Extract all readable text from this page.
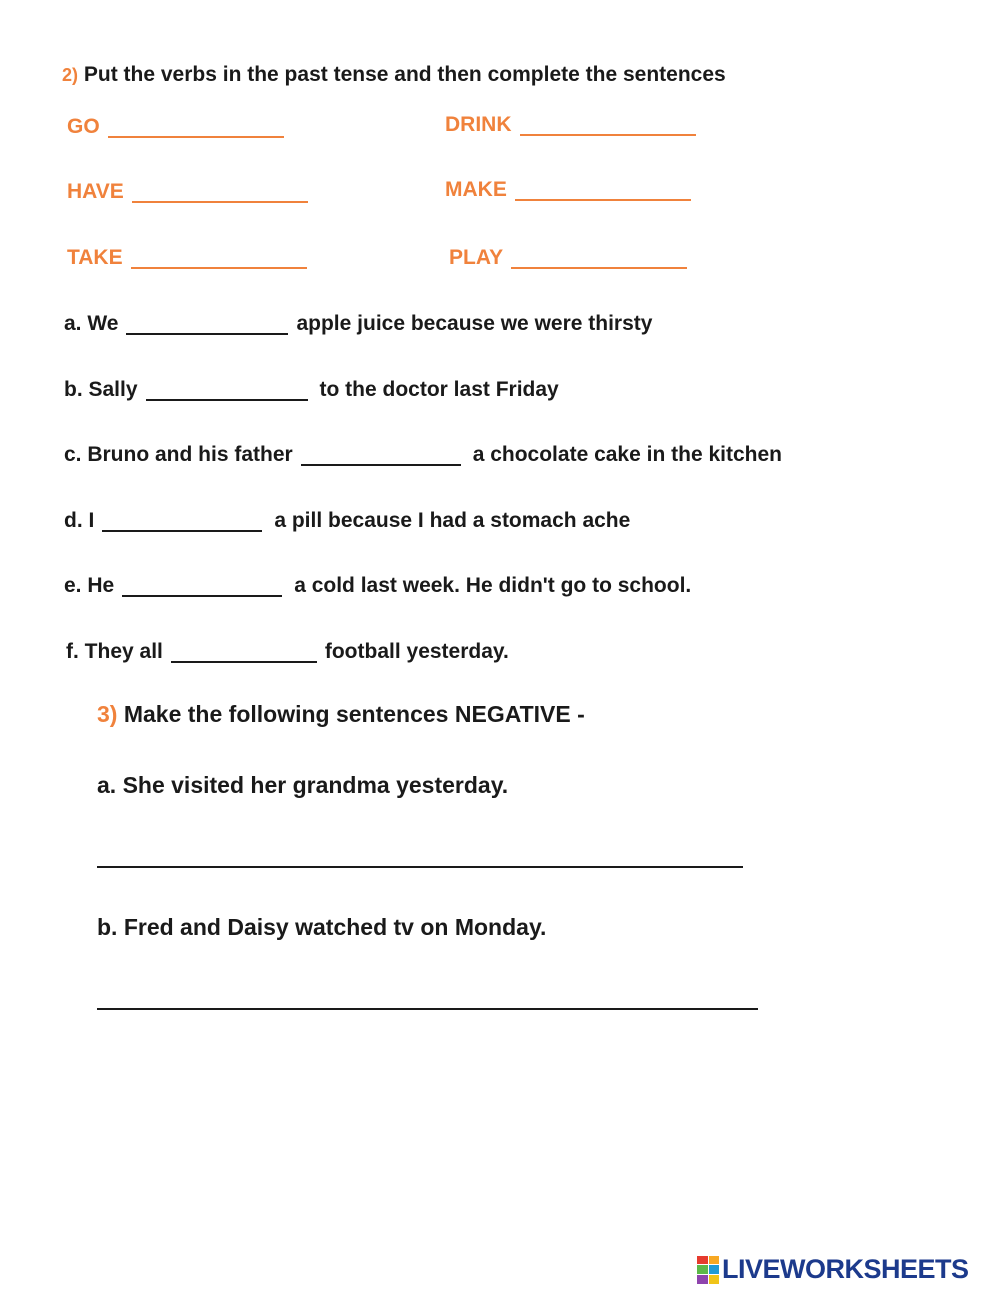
2) Put the verbs in the past tense and then complete the sentences
GO	DRINK
HAVE	MAKE
TAKE	PLAY
a. We	apple juice because we were thirsty
b. Sally	to the doctor last Friday
c. Bruno and his father	a chocolate cake in the kitchen
d. I	a pill because I had a stomach ache
e. He	a cold last week. He didn't go to school.
f. They all	football yesterday.
3) Make the following sentences NEGATIVE -
a. She visited her grandma yesterday.
b. Fred and Daisy watched tv on Monday.
LIVEWORKSHEETS
